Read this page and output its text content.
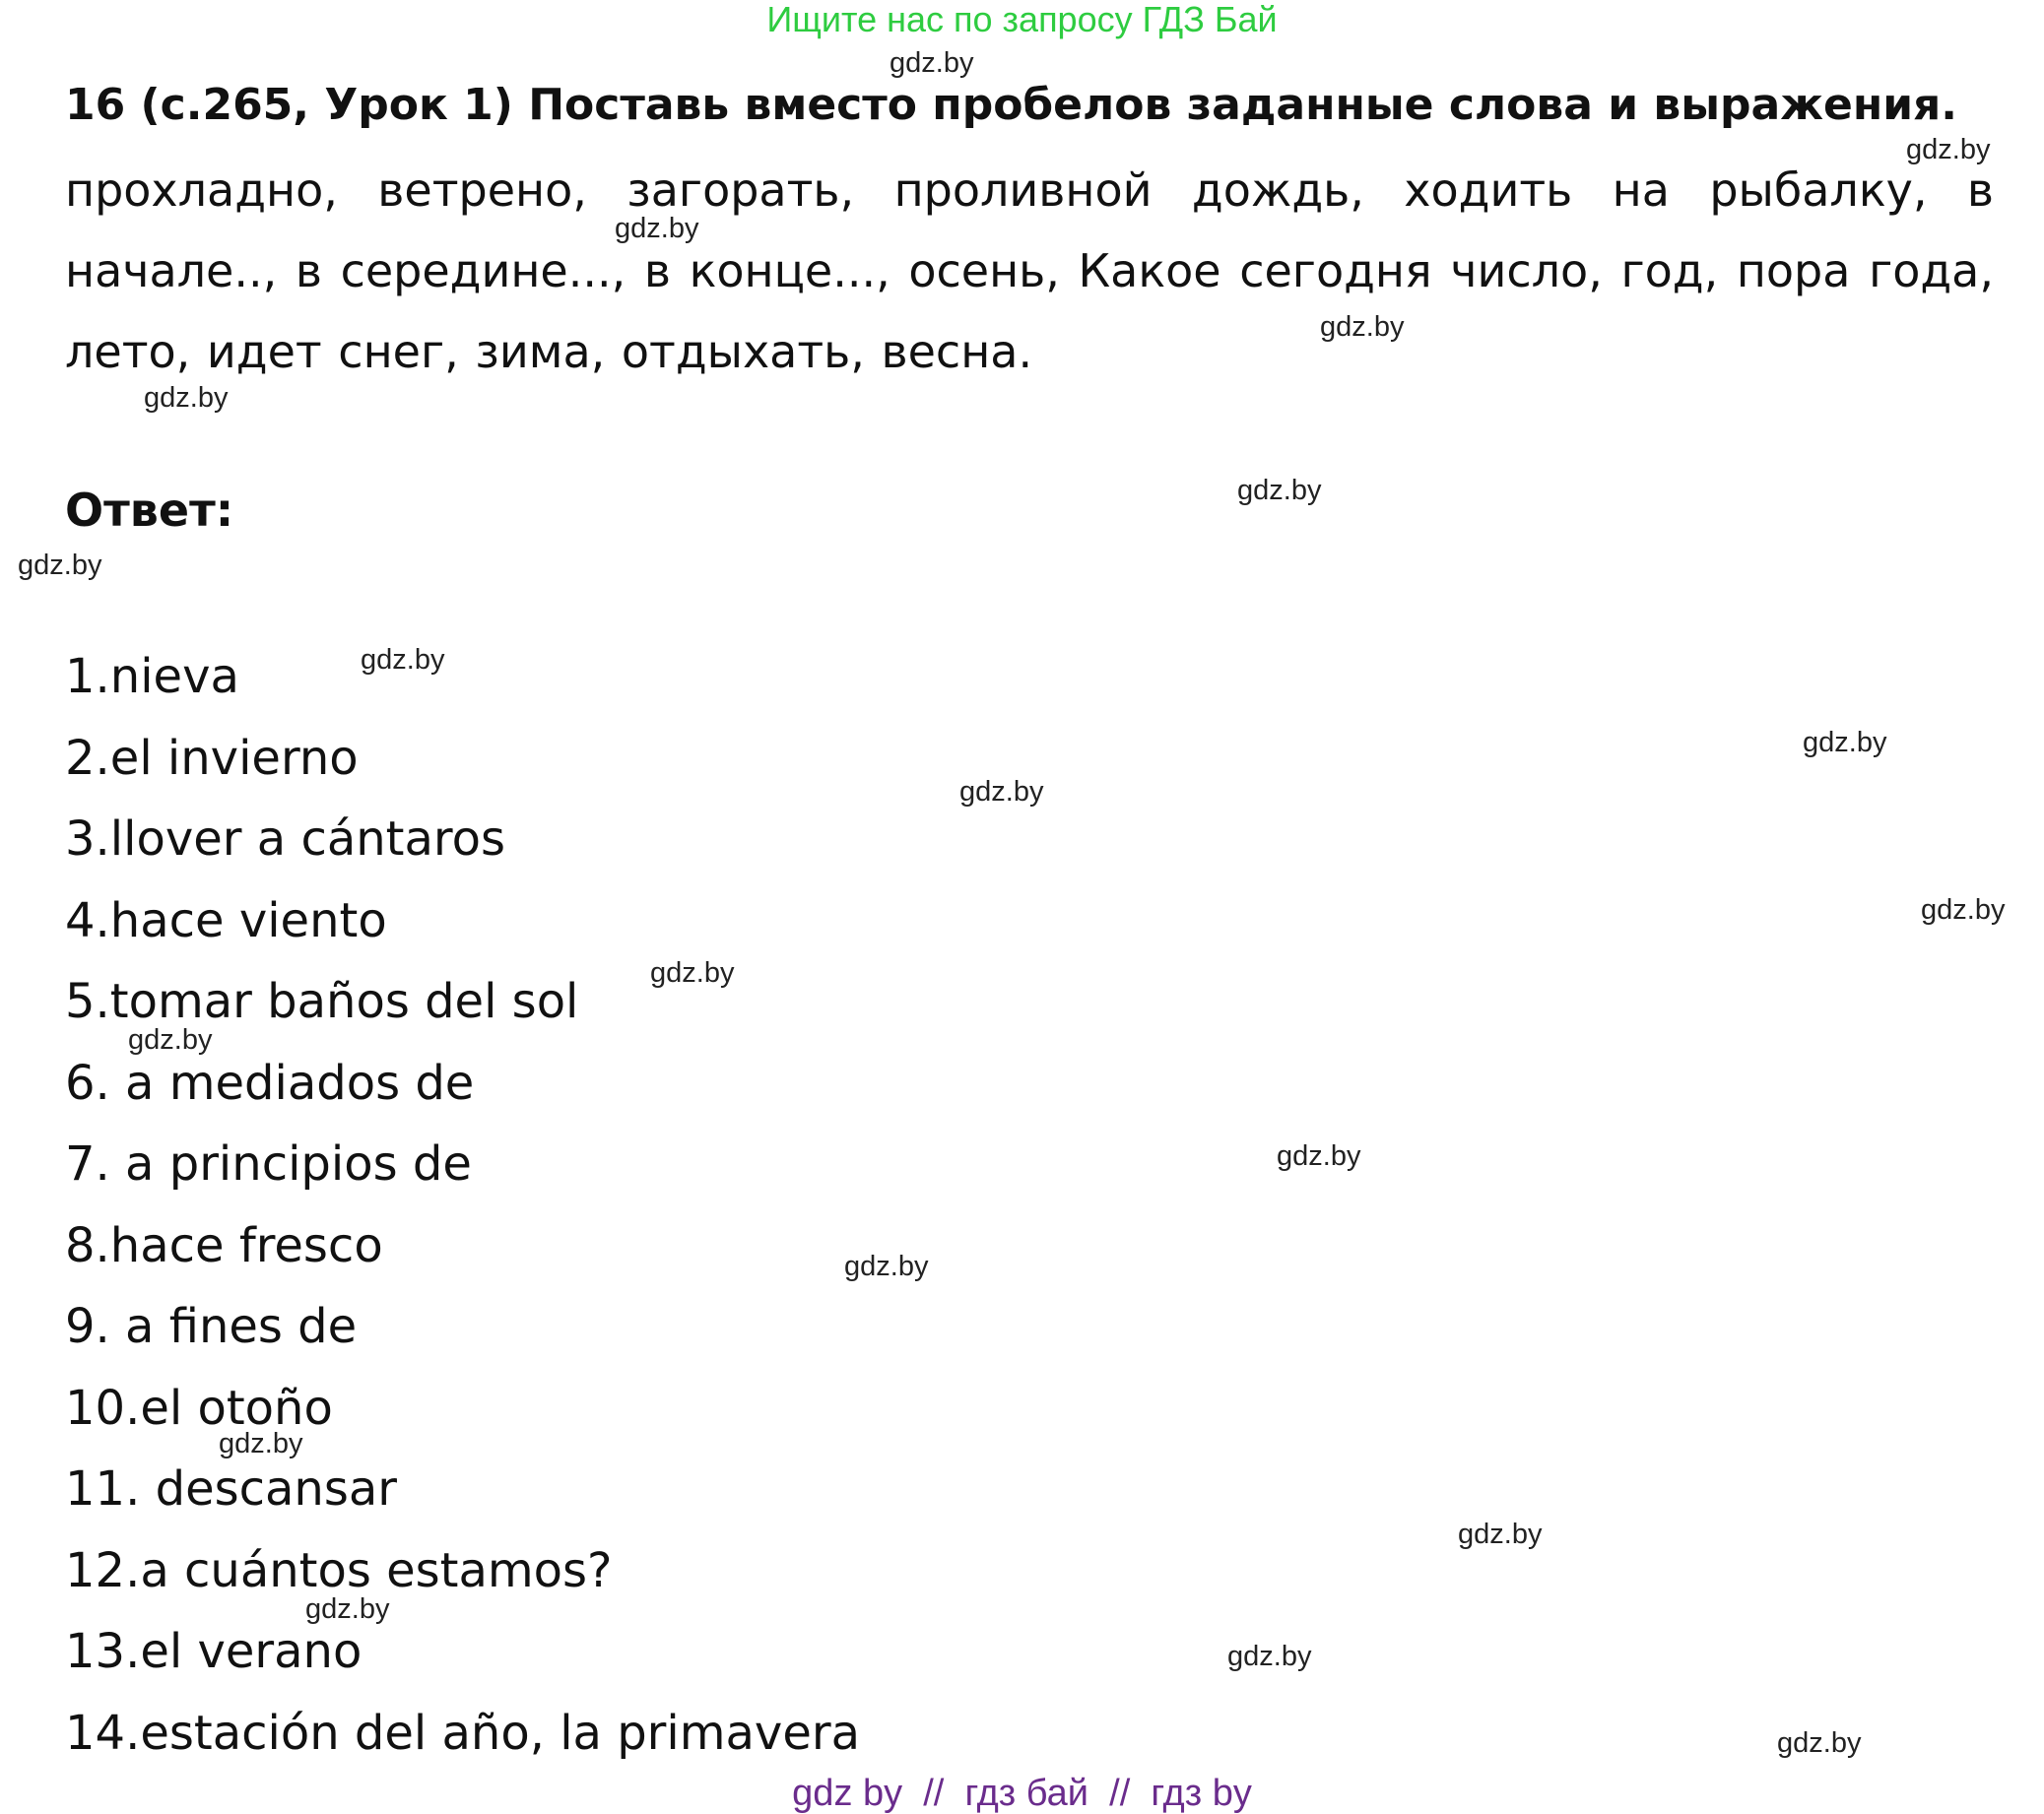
Ищите нас по запросу ГДЗ Бай
16 (с.265, Урок 1) Поставь вместо пробелов заданные слова и выражения.

прохладно, ветрено, загорать, проливной дождь, ходить на рыбалку, в начале.., в середине..., в конце..., осень, Какое сегодня число, год, пора года, лето, идет снег, зима, отдыхать, весна.

Ответ:
1.nieva
2.el invierno
3.llover a cántaros
4.hace viento
5.tomar baños del sol
6. a mediados de
7. a principios de
8.hace fresco
9. a fines de
10.el otoño
11. descansar
12.a cuántos estamos?
13.el verano
14.estación del año, la primavera
gdz.by
gdz.by
gdz.by
gdz.by
gdz.by
gdz.by
gdz.by
gdz.by
gdz.by
gdz.by
gdz.by
gdz.by
gdz.by
gdz.by
gdz.by
gdz.by
gdz.by
gdz.by
gdz.by
gdz.by
gdz by  //  гдз бай  //  гдз by
